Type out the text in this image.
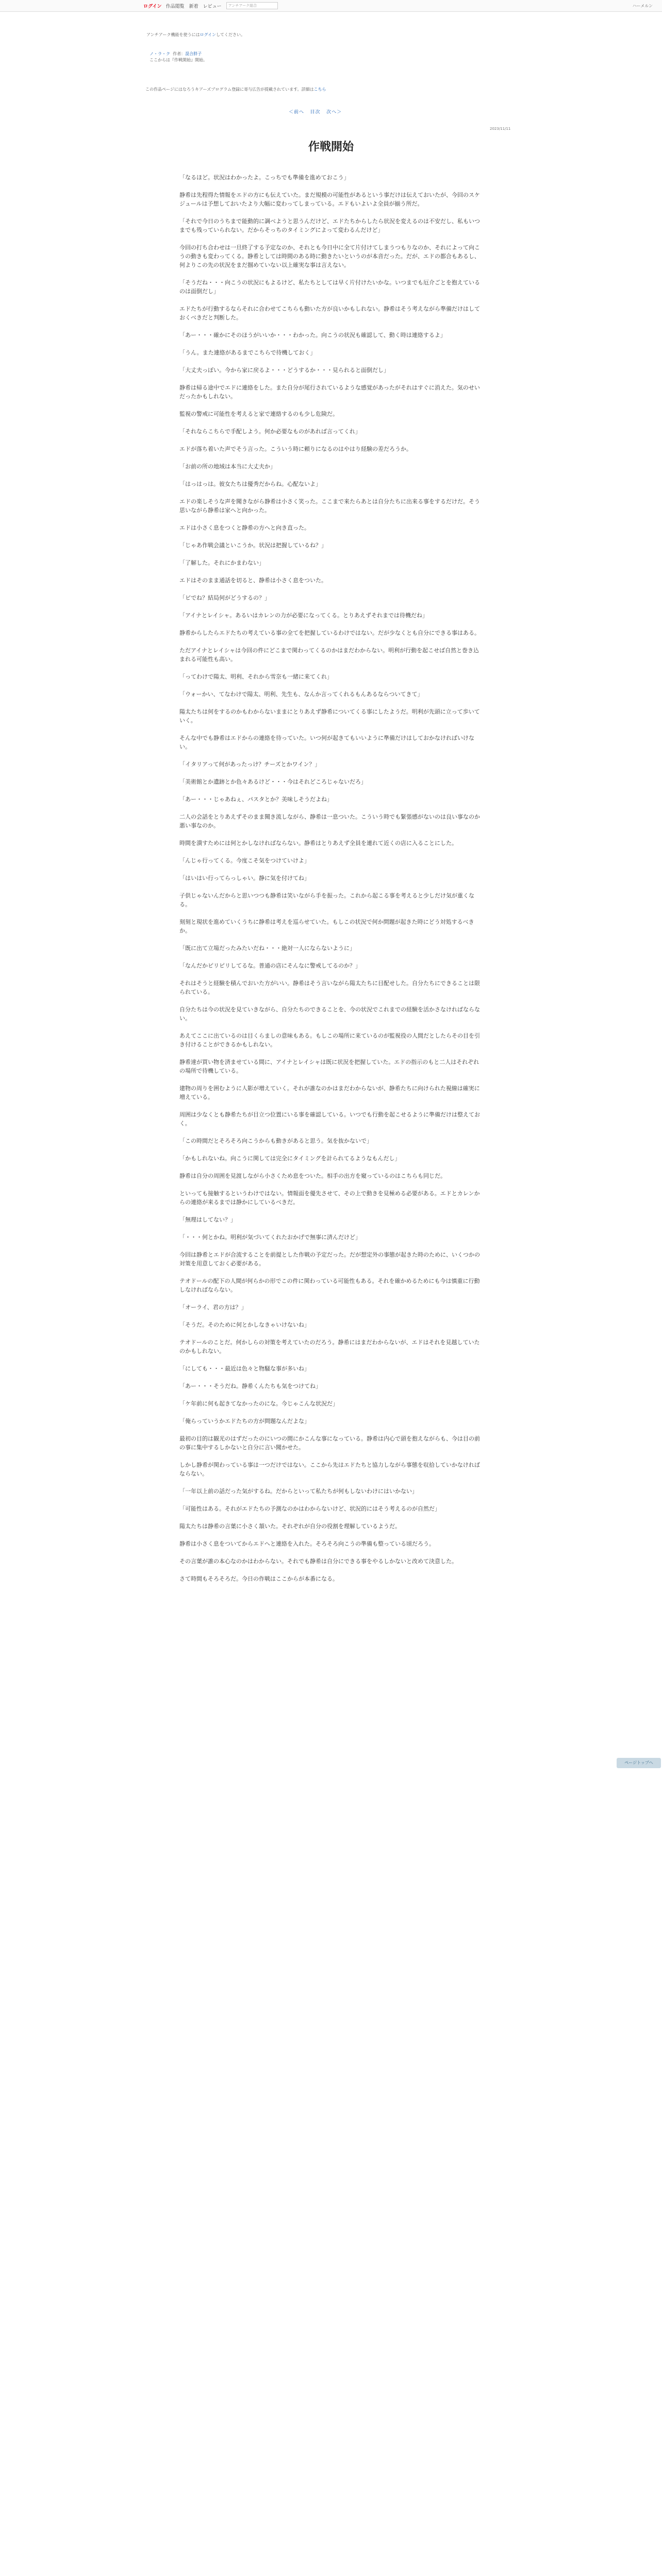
ログイン 作品閲覧 新着 レビュー	アンチアーク総合	ハーメルン
アンチアーク機能を使うにはログインしてください。
ノ・ラ・ク 作者：混合胖子
ここからは『作戦開始』開始。
この作品ページにはなろうキアーズプログラム登録に寄与広告が提載されています。詳細はこちら
＜前へ 目次 次へ＞
2023/11/11
作戦開始

「なるほど。状況はわかったよ。こっちでも準備を進めておこう」

静希は先程得た情報をエドの方にも伝えていた。まだ規模の可能性があるという事だけは伝えておいたが、今回のスケジュールは予想しておいたより大幅に変わってしまっている。エドもいよいよ全員が揃う所だ。

「それで今日のうちまで能動的に調べようと思うんだけど、エドたちからしたら状況を変えるのは不安だし、私もいつまでも残っていられない。だからそっちのタイミングによって変わるんだけど」

今回の打ち合わせは一旦終了する予定なのか、それとも今日中に全て片付けてしまうつもりなのか、それによって向こうの動きも変わってくる。静希としては時間のある時に動きたいというのが本音だった。だが、エドの都合もあるし、何よりこの先の状況をまだ掴めていない以上確実な事は言えない。

「そうだね・・・向こうの状況にもよるけど、私たちとしては早く片付けたいかな。いつまでも厄介ごとを抱えているのは面倒だし」

エドたちが行動するならそれに合わせてこちらも動いた方が良いかもしれない。静希はそう考えながら準備だけはしておくべきだと判断した。

「あー・・・確かにそのほうがいいか・・・わかった。向こうの状況も確認して、動く時は連絡するよ」

「うん。また連絡があるまでこちらで待機しておく」

「大丈夫っぽい。今から家に戻るよ・・・どうするか・・・見られると面倒だし」

静希は帰る途中でエドに連絡をした。また自分が尾行されているような感覚があったがそれはすぐに消えた。気のせいだったかもしれない。

監視の警戒に可能性を考えると家で連絡するのも少し危険だ。

「それならこちらで手配しよう。何か必要なものがあれば言ってくれ」

エドが落ち着いた声でそう言った。こういう時に頼りになるのはやはり経験の差だろうか。

「お前の所の地域は本当に大丈夫か」

「はっはっは。彼女たちは優秀だからね。心配ないよ」

エドの楽しそうな声を聞きながら静希は小さく笑った。ここまで来たらあとは自分たちに出来る事をするだけだ。そう思いながら静希は家へと向かった。

エドは小さく息をつくと静希の方へと向き直った。

「じゃあ作戦会議といこうか。状況は把握しているね？」

「了解した。それにかまわない」

エドはそのまま通話を切ると、静希は小さく息をついた。

「ビでね？結局何がどうするの？」

「アイナとレイシャ。あるいはカレンの力が必要になってくる。とりあえずそれまでは待機だね」

静希からしたらエドたちの考えている事の全てを把握しているわけではない。だが少なくとも自分にできる事はある。

ただアイナとレイシャは今回の件にどこまで関わってくるのかはまだわからない。明利が行動を起こせば自然と巻き込まれる可能性も高い。

「ってわけで陽太、明利、それから雪奈も一緒に来てくれ」

「ウォーかい、てなわけで陽太、明利、先生も、なんか言ってくれるもんあるならついてきて」

陽太たちは何をするのかもわからないままにとりあえず静希についてくる事にしたようだ。明利が先頭に立って歩いていく。

そんな中でも静希はエドからの連絡を待っていた。いつ何が起きてもいいように準備だけはしておかなければいけない。

「イタリアって何があったっけ？チーズとかワイン？」

「美術館とか遺跡とか色々あるけど・・・今はそれどころじゃないだろ」

「あー・・・じゃあねぇ、パスタとか？美味しそうだよね」

二人の会話をとりあえずそのまま聞き流しながら、静希は一息ついた。こういう時でも緊張感がないのは良い事なのか悪い事なのか。

時間を潰すためには何とかしなければならない。静希はとりあえず全員を連れて近くの店に入ることにした。

「んじゃ行ってくる。今度こそ気をつけていけよ」

「はいはい行ってらっしゃい。静に気を付けてね」

子供じゃないんだからと思いつつも静希は笑いながら手を振った。これから起こる事を考えると少しだけ気が重くなる。

刻刻と現状を進めていくうちに静希は考えを巡らせていた。もしこの状況で何か問題が起きた時にどう対処するべきか。

「既に出て立場だったみたいだね・・・絶対一人にならないように」

「なんだかピリピリしてるな。普通の店にそんなに警戒してるのか？」

それはそうと経験を積んでおいた方がいい。静希はそう言いながら陽太たちに目配せした。自分たちにできることは限られている。

自分たちは今の状況を見ていきながら、自分たちのできることを、今の状況でこれまでの経験を活かさなければならない。

あえてここに出ているのは目くらましの意味もある。もしこの場所に来ているのが監視役の人間だとしたらその目を引き付けることができるかもしれない。

静希達が買い物を済ませている間に、アイナとレイシャは既に状況を把握していた。エドの指示のもと二人はそれぞれの場所で待機している。

建物の周りを囲むように人影が増えていく。それが誰なのかはまだわからないが、静希たちに向けられた視線は確実に増えている。

周囲は少なくとも静希たちが目立つ位置にいる事を確認している。いつでも行動を起こせるように準備だけは整えておく。

「この時間だとそろそろ向こうからも動きがあると思う。気を抜かないで」

「かもしれないね。向こうに関しては完全にタイミングを計られてるようなもんだし」

静希は自分の周囲を見渡しながら小さくため息をついた。相手の出方を窺っているのはこちらも同じだ。

といっても接触するというわけではない。情報面を優先させて、その上で動きを見極める必要がある。エドとカレンからの連絡が来るまでは静かにしているべきだ。

「無理はしてない？」

「・・・何とかね。明利が気づいてくれたおかげで無事に済んだけど」

今回は静希とエドが合流することを前提とした作戦の予定だった。だが想定外の事態が起きた時のために、いくつかの対策を用意しておく必要がある。

テオドールの配下の人間が何らかの形でこの件に関わっている可能性もある。それを確かめるためにも今は慎重に行動しなければならない。

「オーライ、君の方は？」

「そうだ。そのために何とかしなきゃいけないね」

テオドールのことだ。何かしらの対策を考えていたのだろう。静希にはまだわからないが、エドはそれを見越していたのかもしれない。

「にしても・・・最近は色々と物騒な事が多いね」

「あー・・・そうだね。静希くんたちも気をつけてね」

「ケ年前に何も起きてなかったのにな。今じゃこんな状況だ」

「俺らっていうかエドたちの方が問題なんだよな」

最初の目的は観光のはずだったのにいつの間にかこんな事になっている。静希は内心で頭を抱えながらも、今は目の前の事に集中するしかないと自分に言い聞かせた。

しかし静希が関わっている事は一つだけではない。ここから先はエドたちと協力しながら事態を収拾していかなければならない。

「一年以上前の話だった気がするね。だからといって私たちが何もしないわけにはいかない」

「可能性はある。それがエドたちの予測なのかはわからないけど、状況的にはそう考えるのが自然だ」

陽太たちは静希の言葉に小さく頷いた。それぞれが自分の役割を理解しているようだ。

静希は小さく息をついてからエドへと連絡を入れた。そろそろ向こうの準備も整っている頃だろう。

その言葉が誰の本心なのかはわからない。それでも静希は自分にできる事をやるしかないと改めて決意した。

さて時間もそろそろだ。今日の作戦はここからが本番になる。

ページトップへ
